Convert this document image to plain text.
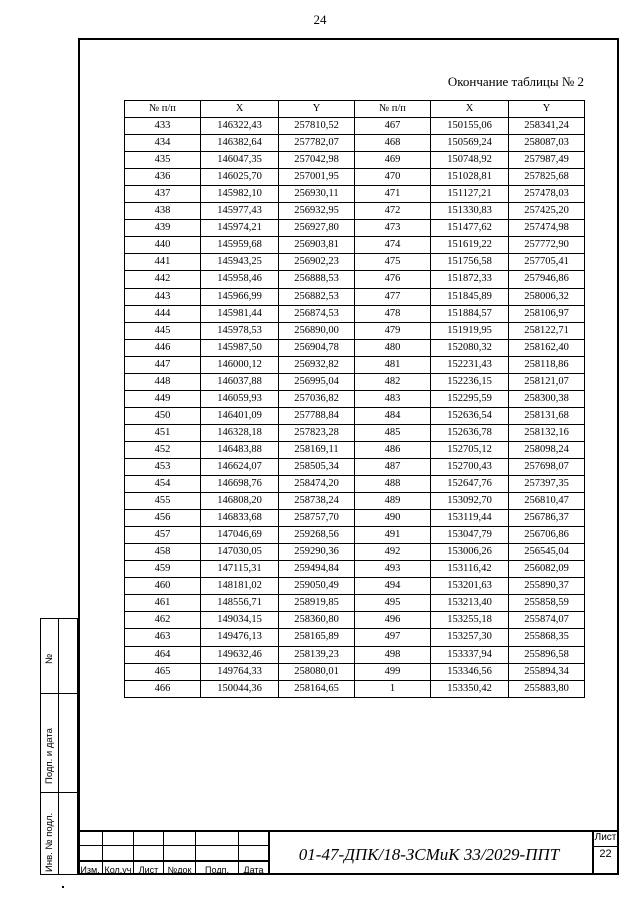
24
Окончание таблицы № 2
№ п/п	X	Y	№ п/п	X	Y
433	146322,43	257810,52	467	150155,06	258341,24
434	146382,64	257782,07	468	150569,24	258087,03
435	146047,35	257042,98	469	150748,92	257987,49
436	146025,70	257001,95	470	151028,81	257825,68
437	145982,10	256930,11	471	151127,21	257478,03
438	145977,43	256932,95	472	151330,83	257425,20
439	145974,21	256927,80	473	151477,62	257474,98
440	145959,68	256903,81	474	151619,22	257772,90
441	145943,25	256902,23	475	151756,58	257705,41
442	145958,46	256888,53	476	151872,33	257946,86
443	145966,99	256882,53	477	151845,89	258006,32
444	145981,44	256874,53	478	151884,57	258106,97
445	145978,53	256890,00	479	151919,95	258122,71
446	145987,50	256904,78	480	152080,32	258162,40
447	146000,12	256932,82	481	152231,43	258118,86
448	146037,88	256995,04	482	152236,15	258121,07
449	146059,93	257036,82	483	152295,59	258300,38
450	146401,09	257788,84	484	152636,54	258131,68
451	146328,18	257823,28	485	152636,78	258132,16
452	146483,88	258169,11	486	152705,12	258098,24
453	146624,07	258505,34	487	152700,43	257698,07
454	146698,76	258474,20	488	152647,76	257397,35
455	146808,20	258738,24	489	153092,70	256810,47
456	146833,68	258757,70	490	153119,44	256786,37
457	147046,69	259268,56	491	153047,79	256706,86
458	147030,05	259290,36	492	153006,26	256545,04
459	147115,31	259494,84	493	153116,42	256082,09
460	148181,02	259050,49	494	153201,63	255890,37
461	148556,71	258919,85	495	153213,40	255858,59
462	149034,15	258360,80	496	153255,18	255874,07
463	149476,13	258165,89	497	153257,30	255868,35
464	149632,46	258139,23	498	153337,94	255896,58
465	149764,33	258080,01	499	153346,56	255894,34
466	150044,36	258164,65	1	153350,42	255883,80
№
Подп. и дата
Инв. № подл.	Изм. Кол.уч Лист	№док	Подп.	Дата
01-47-ДПК/18-ЗСМиК 33/2029-ППТ
Лист
22
